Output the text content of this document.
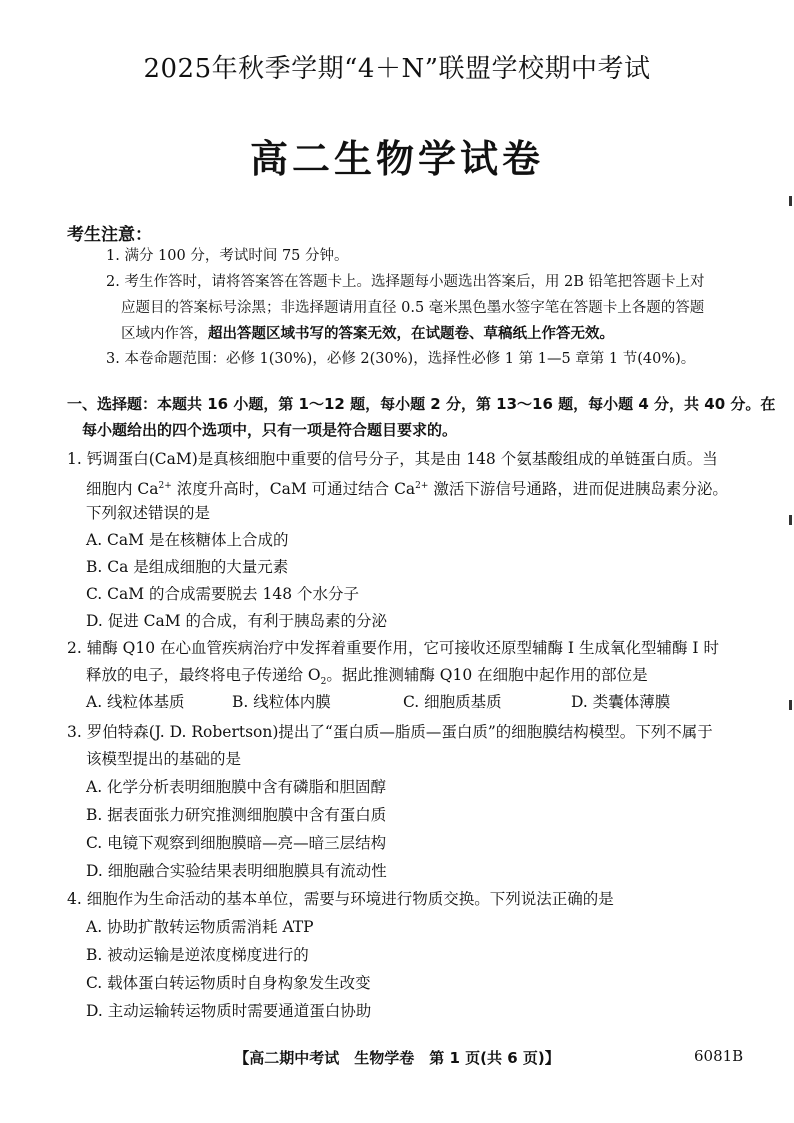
2025年秋季学期“4＋N”联盟学校期中考试
高二生物学试卷
考生注意：
1. 满分 100 分，考试时间 75 分钟。
2. 考生作答时，请将答案答在答题卡上。选择题每小题选出答案后，用 2B 铅笔把答题卡上对
应题目的答案标号涂黑；非选择题请用直径 0.5 毫米黑色墨水签字笔在答题卡上各题的答题
区域内作答，超出答题区域书写的答案无效，在试题卷、草稿纸上作答无效。
3. 本卷命题范围：必修 1(30%)，必修 2(30%)，选择性必修 1 第 1—5 章第 1 节(40%)。
一、选择题：本题共 16 小题，第 1～12 题，每小题 2 分，第 13～16 题，每小题 4 分，共 40 分。在
每小题给出的四个选项中，只有一项是符合题目要求的。
1. 钙调蛋白(CaM)是真核细胞中重要的信号分子，其是由 148 个氨基酸组成的单链蛋白质。当
细胞内 $Ca^{2+}$ 浓度升高时，CaM 可通过结合 $Ca^{2+}$ 激活下游信号通路，进而促进胰岛素分泌。
下列叙述错误的是
A. CaM 是在核糖体上合成的
B. Ca 是组成细胞的大量元素
C. CaM 的合成需要脱去 148 个水分子
D. 促进 CaM 的合成，有利于胰岛素的分泌
2. 辅酶 Q10 在心血管疾病治疗中发挥着重要作用，它可接收还原型辅酶 I 生成氧化型辅酶 I 时
释放的电子，最终将电子传递给 $O_2$。据此推测辅酶 Q10 在细胞中起作用的部位是
A. 线粒体基质	B. 线粒体内膜	C. 细胞质基质	D. 类囊体薄膜
3. 罗伯特森(J. D. Robertson)提出了“蛋白质—脂质—蛋白质”的细胞膜结构模型。下列不属于
该模型提出的基础的是
A. 化学分析表明细胞膜中含有磷脂和胆固醇
B. 据表面张力研究推测细胞膜中含有蛋白质
C. 电镜下观察到细胞膜暗—亮—暗三层结构
D. 细胞融合实验结果表明细胞膜具有流动性
4. 细胞作为生命活动的基本单位，需要与环境进行物质交换。下列说法正确的是
A. 协助扩散转运物质需消耗 ATP
B. 被动运输是逆浓度梯度进行的
C. 载体蛋白转运物质时自身构象发生改变
D. 主动运输转运物质时需要通道蛋白协助
【高二期中考试　生物学卷　第 1 页(共 6 页)】	6081B
